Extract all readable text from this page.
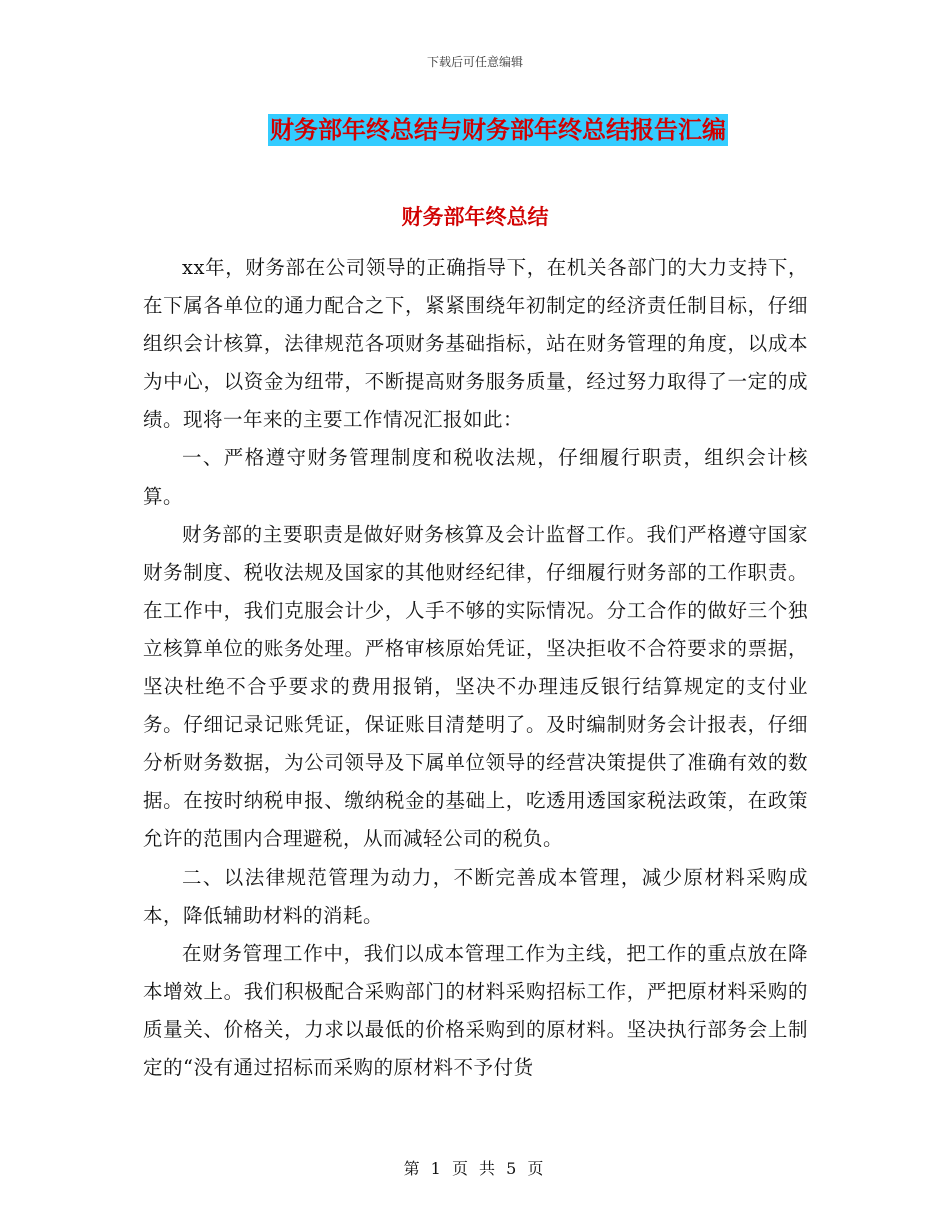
下载后可任意编辑
财务部年终总结与财务部年终总结报告汇编
财务部年终总结

xx年，财务部在公司领导的正确指导下，在机关各部门的大力支持下，在下属各单位的通力配合之下，紧紧围绕年初制定的经济责任制目标，仔细组织会计核算，法律规范各项财务基础指标，站在财务管理的角度，以成本为中心，以资金为纽带，不断提高财务服务质量，经过努力取得了一定的成绩。现将一年来的主要工作情况汇报如此：

一、严格遵守财务管理制度和税收法规，仔细履行职责，组织会计核算。

财务部的主要职责是做好财务核算及会计监督工作。我们严格遵守国家财务制度、税收法规及国家的其他财经纪律，仔细履行财务部的工作职责。在工作中，我们克服会计少，人手不够的实际情况。分工合作的做好三个独立核算单位的账务处理。严格审核原始凭证，坚决拒收不合符要求的票据，坚决杜绝不合乎要求的费用报销，坚决不办理违反银行结算规定的支付业务。仔细记录记账凭证，保证账目清楚明了。及时编制财务会计报表，仔细分析财务数据，为公司领导及下属单位领导的经营决策提供了准确有效的数据。在按时纳税申报、缴纳税金的基础上，吃透用透国家税法政策，在政策允许的范围内合理避税，从而减轻公司的税负。

二、以法律规范管理为动力，不断完善成本管理，减少原材料采购成本，降低辅助材料的消耗。

在财务管理工作中，我们以成本管理工作为主线，把工作的重点放在降本增效上。我们积极配合采购部门的材料采购招标工作，严把原材料采购的质量关、价格关，力求以最低的价格采购到的原材料。坚决执行部务会上制定的“没有通过招标而采购的原材料不予付货

第 1 页 共 5 页
